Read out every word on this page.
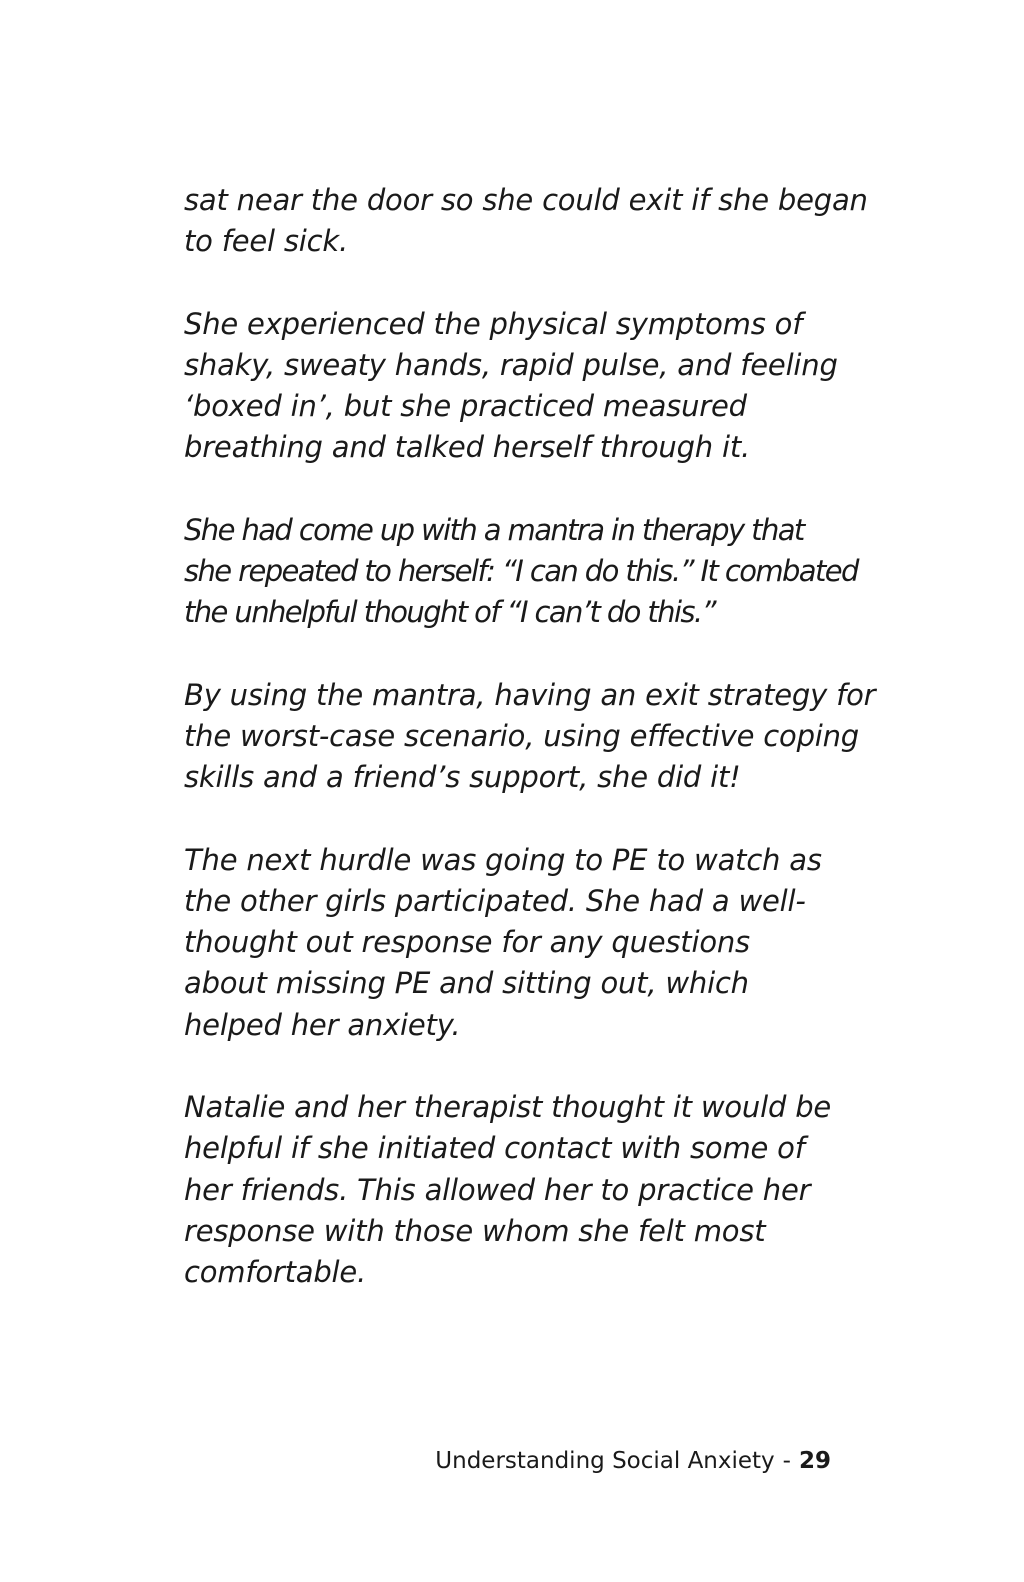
sat near the door so she could exit if she began
to feel sick.

She experienced the physical symptoms of
shaky, sweaty hands, rapid pulse, and feeling
‘boxed in’, but she practiced measured
breathing and talked herself through it.

She had come up with a mantra in therapy that
she repeated to herself: “I can do this.” It combated
the unhelpful thought of “I can’t do this.”

By using the mantra, having an exit strategy for
the worst-case scenario, using effective coping
skills and a friend’s support, she did it!

The next hurdle was going to PE to watch as
the other girls participated. She had a well-
thought out response for any questions
about missing PE and sitting out, which
helped her anxiety.

Natalie and her therapist thought it would be
helpful if she initiated contact with some of
her friends. This allowed her to practice her
response with those whom she felt most
comfortable.

Understanding Social Anxiety - 29
